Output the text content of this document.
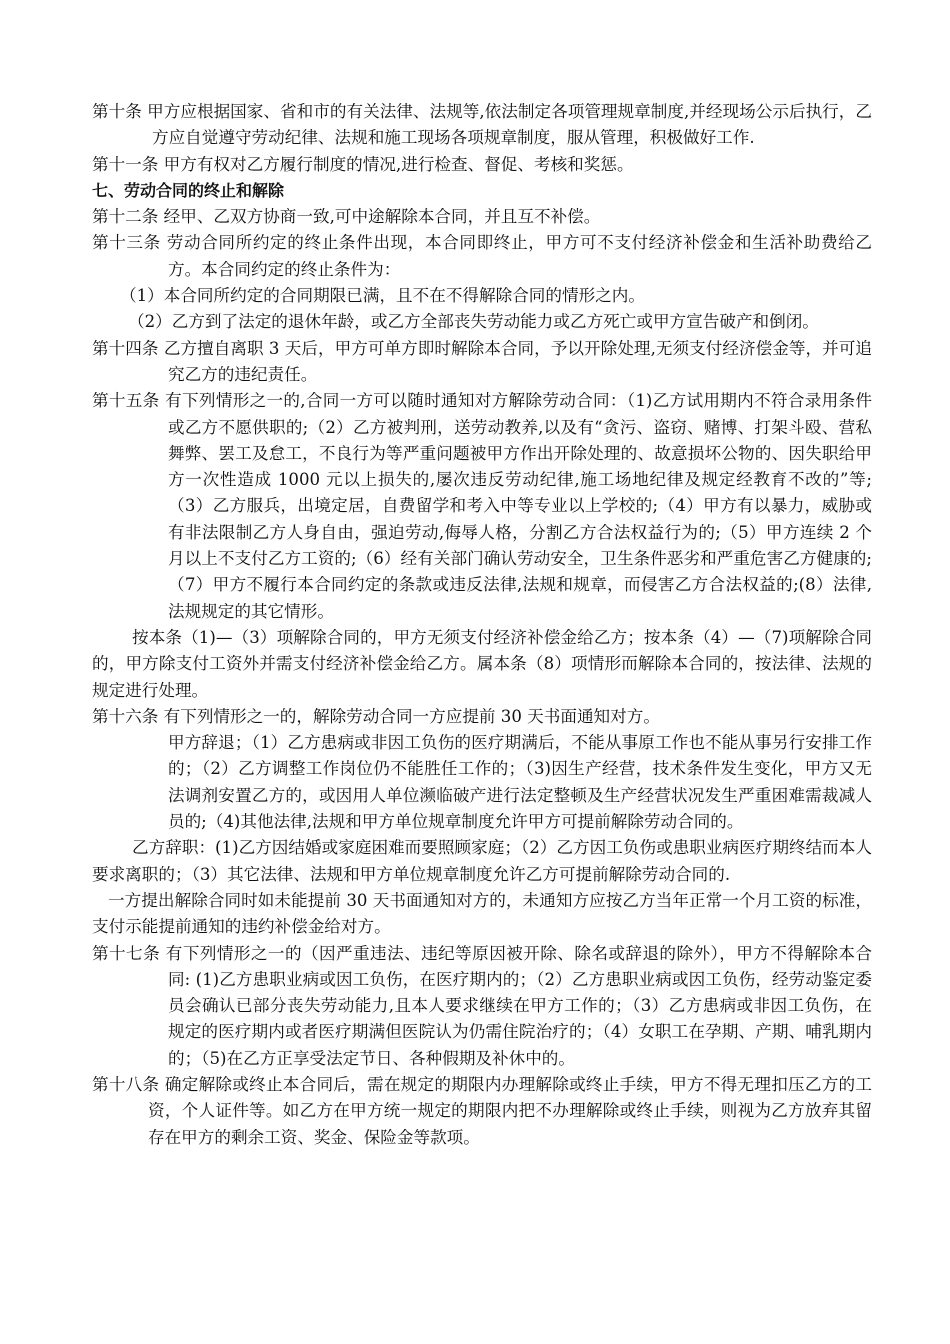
第十条 甲方应根据国家、省和市的有关法律、法规等,依法制定各项管理规章制度,并经现场公示后执行，乙方应自觉遵守劳动纪律、法规和施工现场各项规章制度，服从管理，积极做好工作.

第十一条 甲方有权对乙方履行制度的情况,进行检查、督促、考核和奖惩。

七、劳动合同的终止和解除

第十二条 经甲、乙双方协商一致,可中途解除本合同，并且互不补偿。

第十三条 劳动合同所约定的终止条件出现，本合同即终止，甲方可不支付经济补偿金和生活补助费给乙方。本合同约定的终止条件为：

（1）本合同所约定的合同期限已满，且不在不得解除合同的情形之内。

（2）乙方到了法定的退休年龄，或乙方全部丧失劳动能力或乙方死亡或甲方宣告破产和倒闭。

第十四条 乙方擅自离职 3 天后，甲方可单方即时解除本合同，予以开除处理,无须支付经济偿金等，并可追究乙方的违纪责任。

第十五条 有下列情形之一的,合同一方可以随时通知对方解除劳动合同：（1)乙方试用期内不符合录用条件或乙方不愿供职的;（2）乙方被判刑，送劳动教养,以及有“贪污、盗窃、赌博、打架斗殴、营私舞弊、罢工及怠工，不良行为等严重问题被甲方作出开除处理的、故意损坏公物的、因失职给甲方一次性造成 1000 元以上损失的,屡次违反劳动纪律,施工场地纪律及规定经教育不改的”等;（3）乙方服兵，出境定居，自费留学和考入中等专业以上学校的;（4）甲方有以暴力，威胁或有非法限制乙方人身自由，强迫劳动,侮辱人格，分割乙方合法权益行为的;（5）甲方连续 2 个月以上不支付乙方工资的;（6）经有关部门确认劳动安全，卫生条件恶劣和严重危害乙方健康的;（7）甲方不履行本合同约定的条款或违反法律,法规和规章，而侵害乙方合法权益的;(8）法律,法规规定的其它情形。

按本条（1)—（3）项解除合同的，甲方无须支付经济补偿金给乙方；按本条（4）—（7)项解除合同的，甲方除支付工资外并需支付经济补偿金给乙方。属本条（8）项情形而解除本合同的，按法律、法规的规定进行处理。

第十六条 有下列情形之一的，解除劳动合同一方应提前 30 天书面通知对方。

甲方辞退；（1）乙方患病或非因工负伤的医疗期满后，不能从事原工作也不能从事另行安排工作的；（2）乙方调整工作岗位仍不能胜任工作的；（3)因生产经营，技术条件发生变化，甲方又无法调剂安置乙方的，或因用人单位濒临破产进行法定整顿及生产经营状况发生严重困难需裁减人员的;（4)其他法律,法规和甲方单位规章制度允许甲方可提前解除劳动合同的。

乙方辞职：(1)乙方因结婚或家庭困难而要照顾家庭；（2）乙方因工负伤或患职业病医疗期终结而本人要求离职的；（3）其它法律、法规和甲方单位规章制度允许乙方可提前解除劳动合同的.

一方提出解除合同时如未能提前 30 天书面通知对方的，未通知方应按乙方当年正常一个月工资的标准，支付示能提前通知的违约补偿金给对方。

第十七条 有下列情形之一的（因严重违法、违纪等原因被开除、除名或辞退的除外），甲方不得解除本合同: (1)乙方患职业病或因工负伤，在医疗期内的；（2）乙方患职业病或因工负伤，经劳动鉴定委员会确认已部分丧失劳动能力,且本人要求继续在甲方工作的；（3）乙方患病或非因工负伤，在规定的医疗期内或者医疗期满但医院认为仍需住院治疗的；（4）女职工在孕期、产期、哺乳期内的；（5)在乙方正享受法定节日、各种假期及补休中的。

第十八条 确定解除或终止本合同后，需在规定的期限内办理解除或终止手续，甲方不得无理扣压乙方的工资，个人证件等。如乙方在甲方统一规定的期限内把不办理解除或终止手续，则视为乙方放弃其留存在甲方的剩余工资、奖金、保险金等款项。
